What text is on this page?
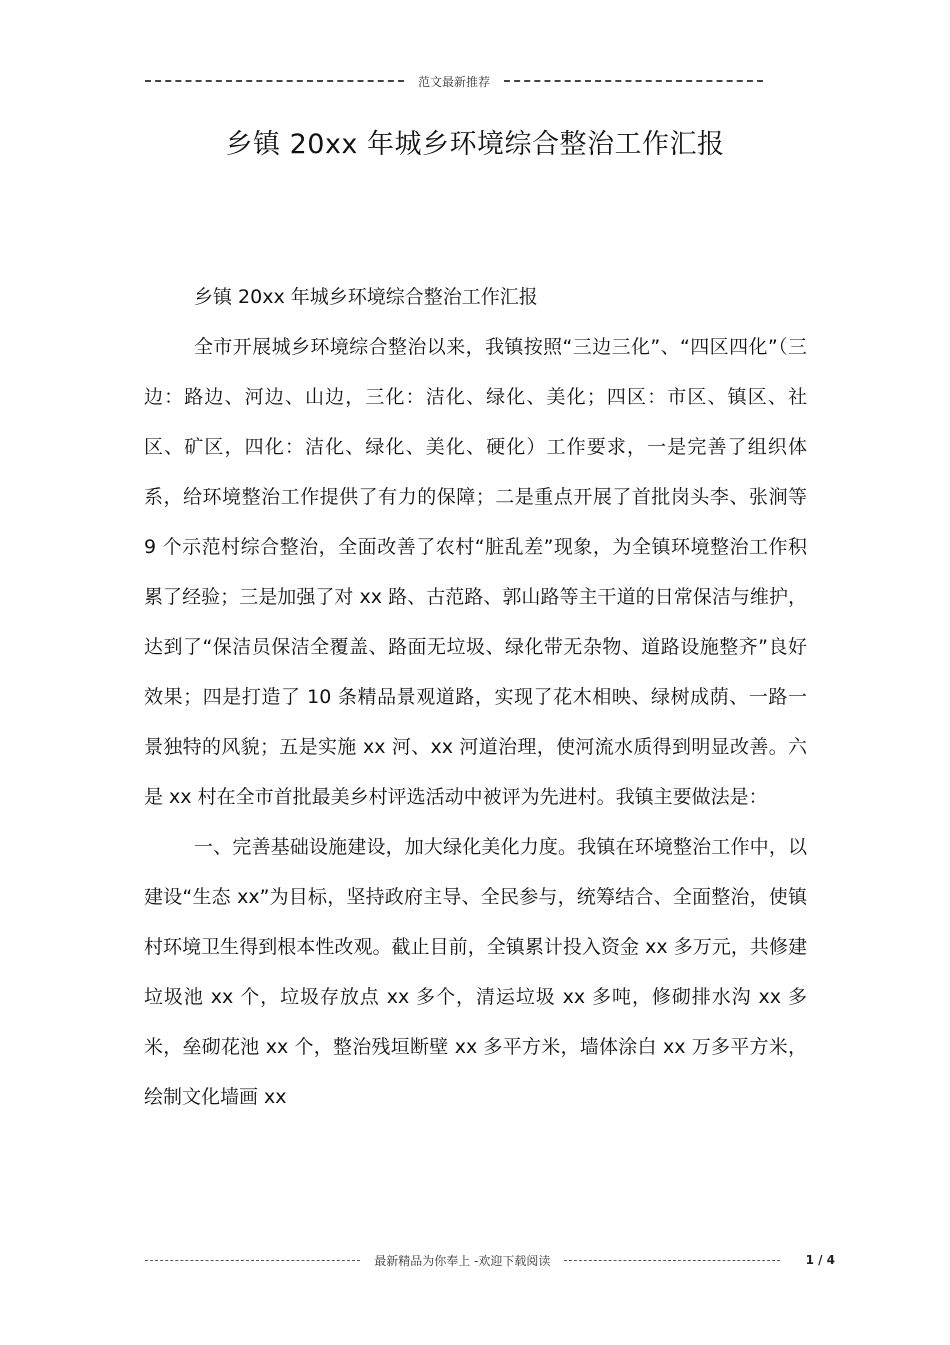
范文最新推荐
乡镇 20xx 年城乡环境综合整治工作汇报

乡镇 20xx 年城乡环境综合整治工作汇报

全市开展城乡环境综合整治以来，我镇按照“三边三化”、“四区四化”（三边：路边、河边、山边，三化：洁化、绿化、美化；四区：市区、镇区、社区、矿区，四化：洁化、绿化、美化、硬化）工作要求，一是完善了组织体系，给环境整治工作提供了有力的保障；二是重点开展了首批岗头李、张涧等 9 个示范村综合整治，全面改善了农村“脏乱差”现象，为全镇环境整治工作积累了经验；三是加强了对 xx 路、古范路、郭山路等主干道的日常保洁与维护，达到了“保洁员保洁全覆盖、路面无垃圾、绿化带无杂物、道路设施整齐”良好效果；四是打造了 10 条精品景观道路，实现了花木相映、绿树成荫、一路一景独特的风貌；五是实施 xx 河、xx 河道治理，使河流水质得到明显改善。六是 xx 村在全市首批最美乡村评选活动中被评为先进村。我镇主要做法是：

一、完善基础设施建设，加大绿化美化力度。我镇在环境整治工作中，以建设“生态 xx”为目标，坚持政府主导、全民参与，统筹结合、全面整治，使镇村环境卫生得到根本性改观。截止目前，全镇累计投入资金 xx 多万元，共修建垃圾池 xx 个，垃圾存放点 xx 多个，清运垃圾 xx 多吨，修砌排水沟 xx 多米，垒砌花池 xx 个，整治残垣断壁 xx 多平方米，墙体涂白 xx 万多平方米，绘制文化墙画 xx

最新精品为你奉上 -欢迎下载阅读	1 / 4
